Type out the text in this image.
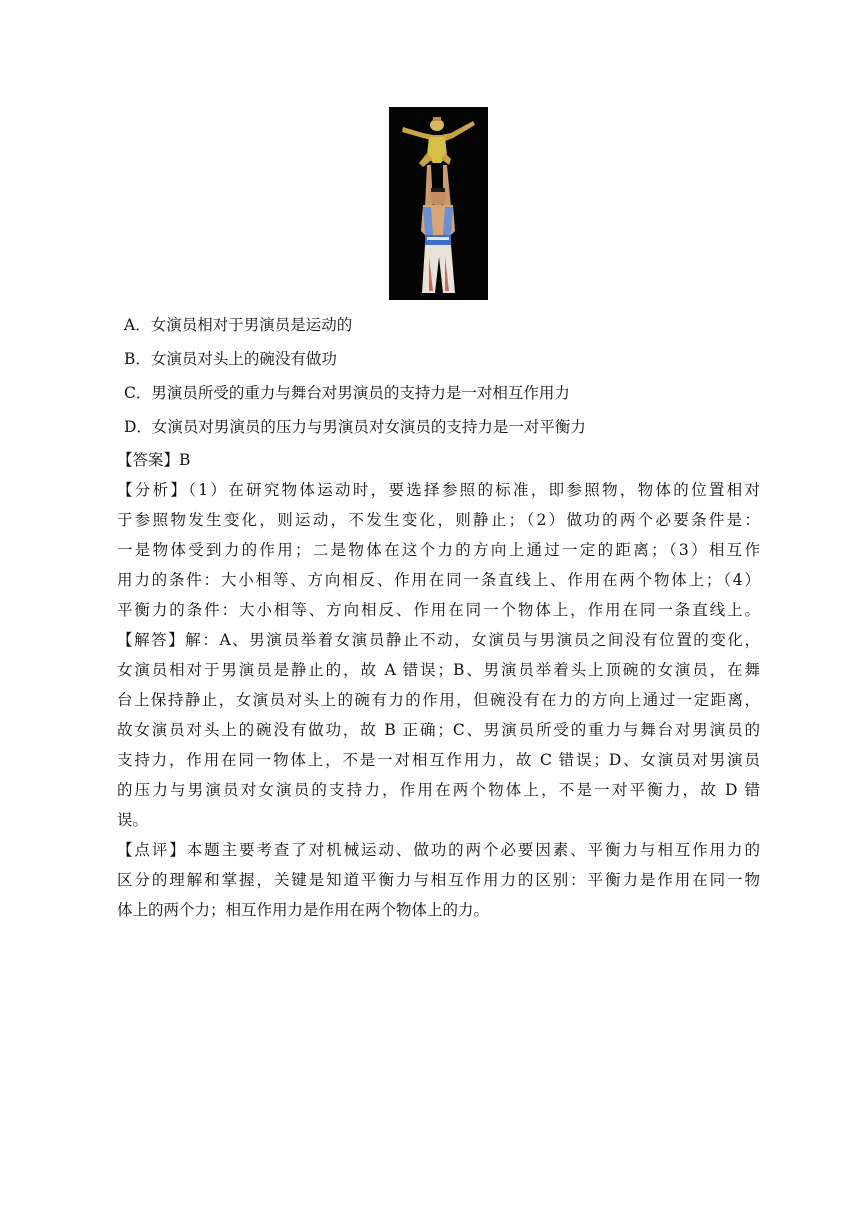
A．女演员相对于男演员是运动的
B．女演员对头上的碗没有做功
C．男演员所受的重力与舞台对男演员的支持力是一对相互作用力
D．女演员对男演员的压力与男演员对女演员的支持力是一对平衡力
【答案】B
【分析】（1）在研究物体运动时，要选择参照的标准，即参照物，物体的位置相对
于参照物发生变化，则运动，不发生变化，则静止；（2）做功的两个必要条件是：
一是物体受到力的作用；二是物体在这个力的方向上通过一定的距离；（3）相互作
用力的条件：大小相等、方向相反、作用在同一条直线上、作用在两个物体上；（4）
平衡力的条件：大小相等、方向相反、作用在同一个物体上，作用在同一条直线上。
【解答】解：A、男演员举着女演员静止不动，女演员与男演员之间没有位置的变化，
女演员相对于男演员是静止的，故 A 错误；B、男演员举着头上顶碗的女演员，在舞
台上保持静止，女演员对头上的碗有力的作用，但碗没有在力的方向上通过一定距离，
故女演员对头上的碗没有做功，故 B 正确；C、男演员所受的重力与舞台对男演员的
支持力，作用在同一物体上，不是一对相互作用力，故 C 错误；D、女演员对男演员
的压力与男演员对女演员的支持力，作用在两个物体上，不是一对平衡力，故 D 错
误。
【点评】本题主要考查了对机械运动、做功的两个必要因素、平衡力与相互作用力的
区分的理解和掌握，关键是知道平衡力与相互作用力的区别：平衡力是作用在同一物
体上的两个力；相互作用力是作用在两个物体上的力。
